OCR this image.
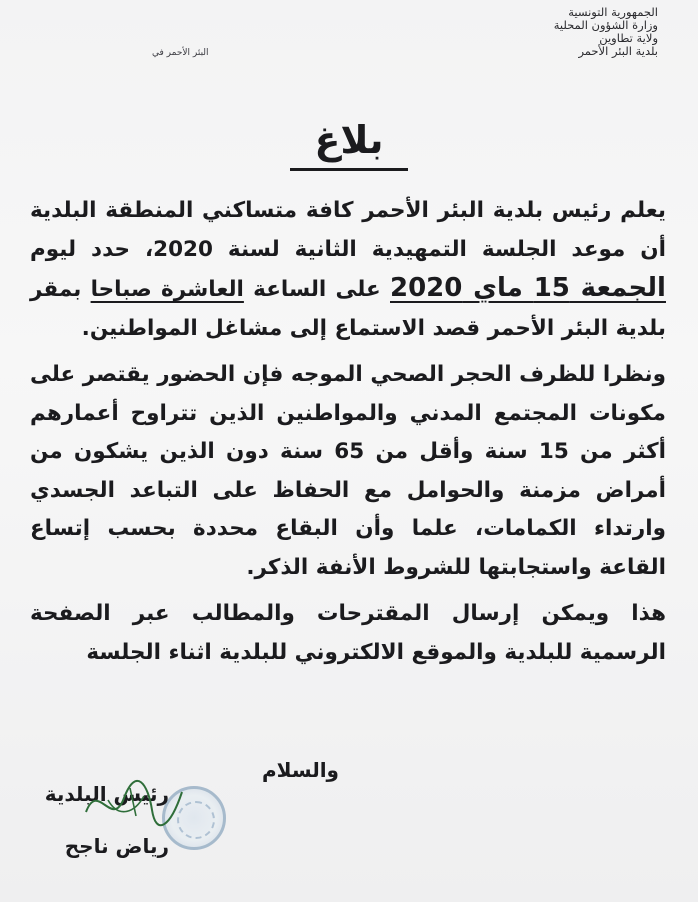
الجمهورية التونسية
وزارة الشؤون المحلية
ولاية تطاوين
بلدية البئر الأحمر
البئر الأحمر في
بلاغ

يعلم رئيس بلدية البئر الأحمر كافة متساكني المنطقة البلدية أن موعد الجلسة التمهيدية الثانية لسنة 2020، حدد ليوم الجمعة 15 ماي 2020 على الساعة العاشرة صباحا بمقر بلدية البئر الأحمر قصد الاستماع إلى مشاغل المواطنين.

ونظرا للظرف الحجر الصحي الموجه فإن الحضور يقتصر على مكونات المجتمع المدني والمواطنين الذين تتراوح أعمارهم أكثر من 15 سنة وأقل من 65 سنة دون الذين يشكون من أمراض مزمنة والحوامل مع الحفاظ على التباعد الجسدي وارتداء الكمامات، علما وأن البقاع محددة بحسب إتساع القاعة واستجابتها للشروط الأنفة الذكر.

هذا ويمكن إرسال المقترحات والمطالب عبر الصفحة الرسمية للبلدية والموقع الالكتروني للبلدية اثناء الجلسة

والسلام
رئيس البلدية
رياض ناجح
